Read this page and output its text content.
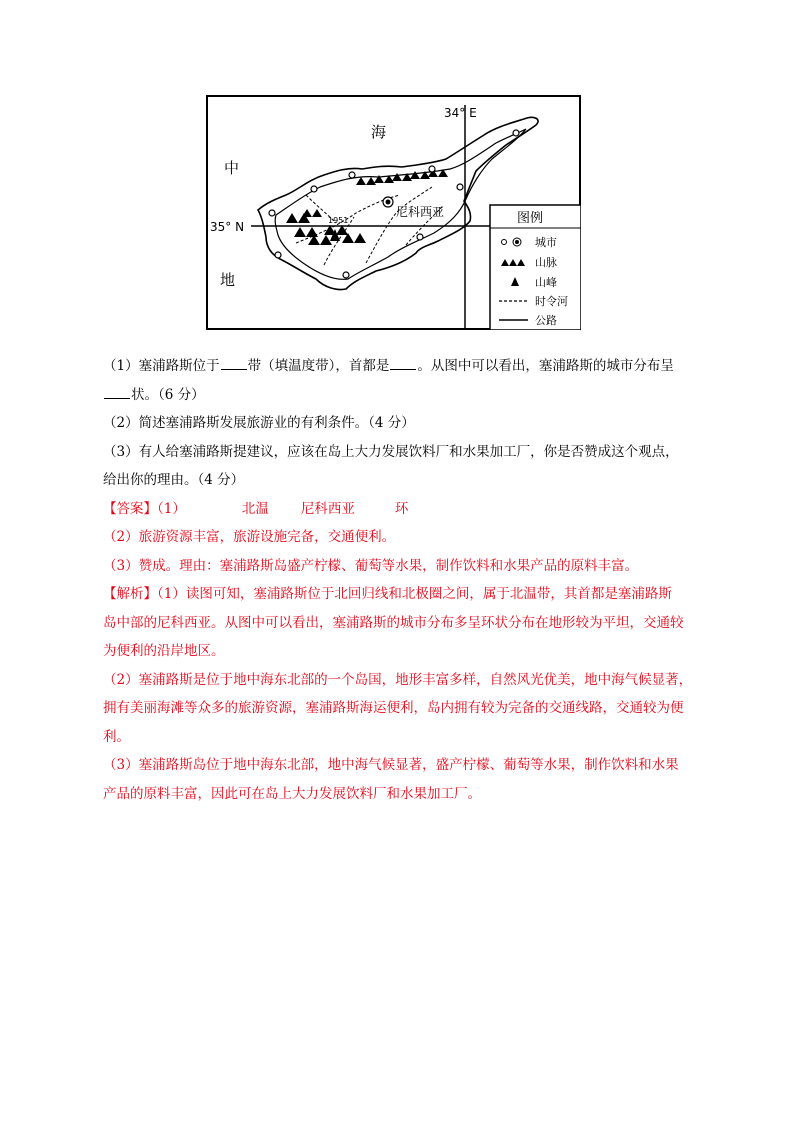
1951
尼科西亚
海
中
地
34° E
35° N
图例
城市
山脉
山峰
时令河
公路

（1）塞浦路斯位于 带（填温度带），首都是 。从图中可以看出，塞浦路斯的城市分布呈

状。（6 分）

（2）简述塞浦路斯发展旅游业的有利条件。（4 分）

（3）有人给塞浦路斯提建议，应该在岛上大力发展饮料厂和水果加工厂，你是否赞成这个观点，

给出你的理由。（4 分）

【答案】（1）	北温 尼科西亚	环

（2）旅游资源丰富，旅游设施完备，交通便利。

（3）赞成。理由：塞浦路斯岛盛产柠檬、葡萄等水果，制作饮料和水果产品的原料丰富。

【解析】（1）读图可知，塞浦路斯位于北回归线和北极圈之间，属于北温带，其首都是塞浦路斯

岛中部的尼科西亚。从图中可以看出，塞浦路斯的城市分布多呈环状分布在地形较为平坦，交通较

为便利的沿岸地区。

（2）塞浦路斯是位于地中海东北部的一个岛国，地形丰富多样，自然风光优美，地中海气候显著，

拥有美丽海滩等众多的旅游资源，塞浦路斯海运便利，岛内拥有较为完备的交通线路，交通较为便

利。

（3）塞浦路斯岛位于地中海东北部，地中海气候显著，盛产柠檬、葡萄等水果，制作饮料和水果

产品的原料丰富，因此可在岛上大力发展饮料厂和水果加工厂。
